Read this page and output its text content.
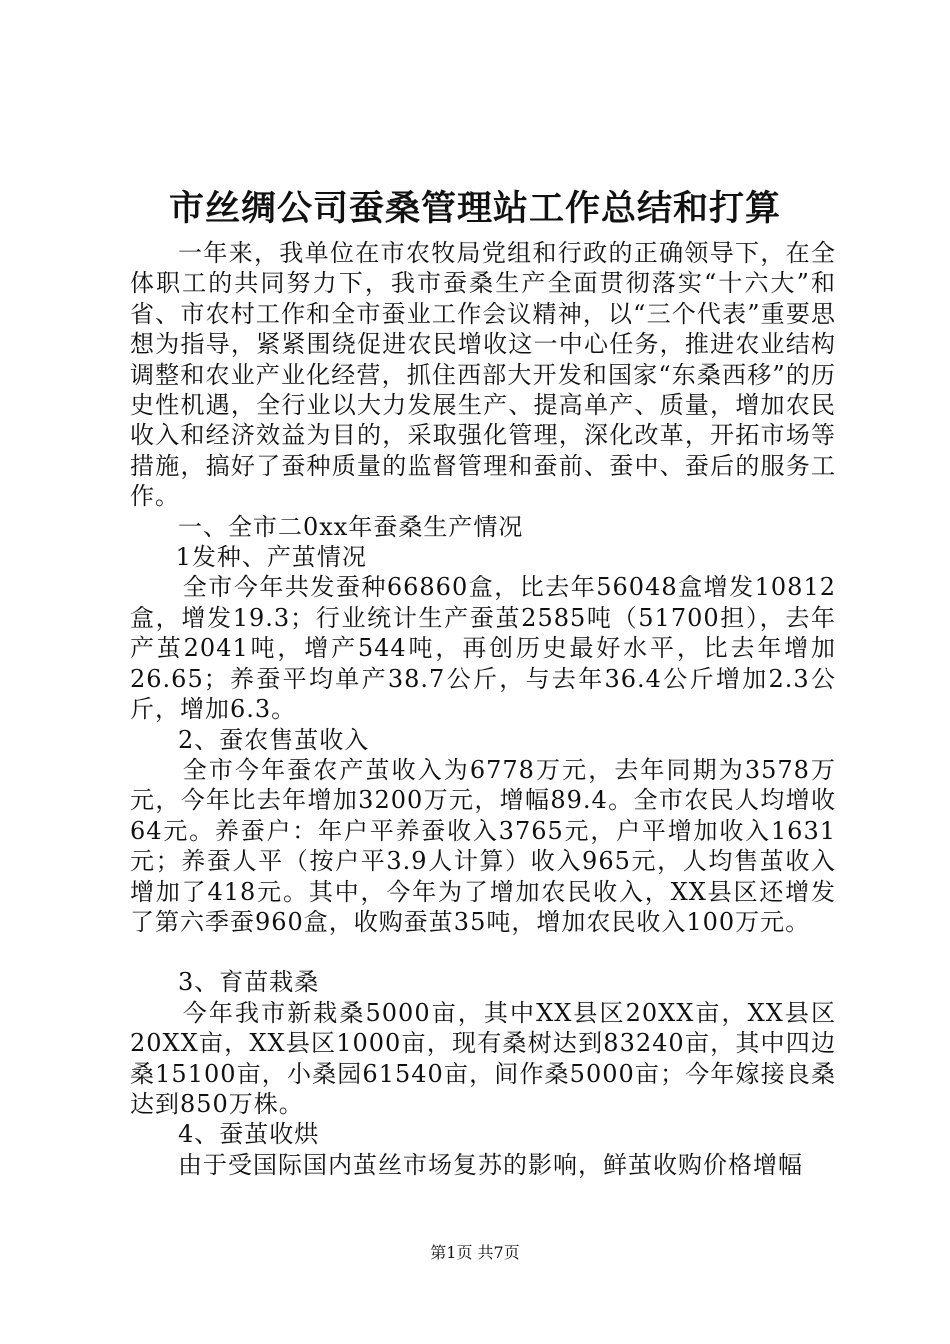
市丝绸公司蚕桑管理站工作总结和打算

一年来，我单位在市农牧局党组和行政的正确领导下，在全体职工的共同努力下，我市蚕桑生产全面贯彻落实“十六大”和省、市农村工作和全市蚕业工作会议精神，以“三个代表”重要思想为指导，紧紧围绕促进农民增收这一中心任务，推进农业结构调整和农业产业化经营，抓住西部大开发和国家“东桑西移”的历史性机遇，全行业以大力发展生产、提高单产、质量，增加农民收入和经济效益为目的，采取强化管理，深化改革，开拓市场等措施，搞好了蚕种质量的监督管理和蚕前、蚕中、蚕后的服务工作。

一、全市二0xx年蚕桑生产情况

1发种、产茧情况

全市今年共发蚕种66860盒，比去年56048盒增发10812盒，增发19.3；行业统计生产蚕茧2585吨（51700担），去年产茧2041吨，增产544吨，再创历史最好水平，比去年增加26.65；养蚕平均单产38.7公斤，与去年36.4公斤增加2.3公斤，增加6.3。

2、蚕农售茧收入

全市今年蚕农产茧收入为6778万元，去年同期为3578万元，今年比去年增加3200万元，增幅89.4。全市农民人均增收64元。养蚕户：年户平养蚕收入3765元，户平增加收入1631元；养蚕人平（按户平3.9人计算）收入965元，人均售茧收入增加了418元。其中，今年为了增加农民收入，XX县区还增发了第六季蚕960盒，收购蚕茧35吨，增加农民收入100万元。

3、育苗栽桑

今年我市新栽桑5000亩，其中XX县区20XX亩，XX县区20XX亩，XX县区1000亩，现有桑树达到83240亩，其中四边桑15100亩，小桑园61540亩，间作桑5000亩；今年嫁接良桑达到850万株。

4、蚕茧收烘

由于受国际国内茧丝市场复苏的影响，鲜茧收购价格增幅

第1页 共7页
